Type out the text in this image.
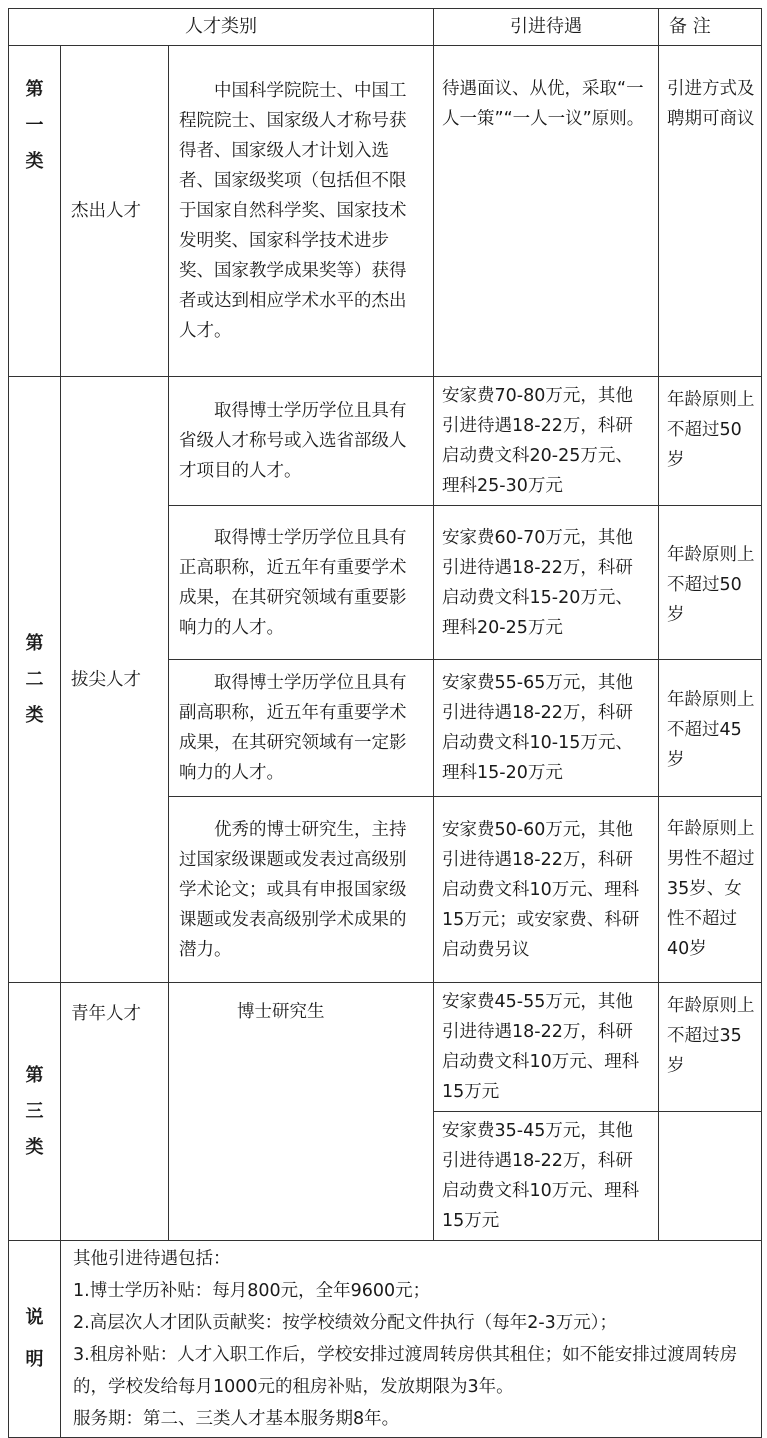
人才类别			引进待遇	备 注

第一类	杰出人才	中国科学院院士、中国工程院院士、国家级人才称号获得者、国家级人才计划入选者、国家级奖项（包括但不限于国家自然科学奖、国家技术发明奖、国家科学技术进步奖、国家教学成果奖等）获得者或达到相应学术水平的杰出人才。	待遇面议、从优，采取“一人一策”“一人一议”原则。	引进方式及聘期可商议

第二类	拔尖人才	取得博士学历学位且具有省级人才称号或入选省部级人才项目的人才。	安家费70-80万元，其他引进待遇18-22万，科研启动费文科20-25万元、理科25-30万元	年龄原则上不超过50岁
		取得博士学历学位且具有正高职称，近五年有重要学术成果，在其研究领域有重要影响力的人才。	安家费60-70万元，其他引进待遇18-22万，科研启动费文科15-20万元、理科20-25万元	年龄原则上不超过50岁
		取得博士学历学位且具有副高职称，近五年有重要学术成果，在其研究领域有一定影响力的人才。	安家费55-65万元，其他引进待遇18-22万，科研启动费文科10-15万元、理科15-20万元	年龄原则上不超过45岁
		优秀的博士研究生，主持过国家级课题或发表过高级别学术论文；或具有申报国家级课题或发表高级别学术成果的潜力。	安家费50-60万元，其他引进待遇18-22万，科研启动费文科10万元、理科15万元；或安家费、科研启动费另议	年龄原则上男性不超过35岁、女性不超过40岁

第三类	青年人才	博士研究生	安家费45-55万元，其他引进待遇18-22万，科研启动费文科10万元、理科15万元	年龄原则上不超过35岁
			安家费35-45万元，其他引进待遇18-22万，科研启动费文科10万元、理科15万元	

说明	其他引进待遇包括：
1.博士学历补贴：每月800元，全年9600元；
2.高层次人才团队贡献奖：按学校绩效分配文件执行（每年2-3万元）；
3.租房补贴：人才入职工作后，学校安排过渡周转房供其租住；如不能安排过渡周转房的，学校发给每月1000元的租房补贴，发放期限为3年。
服务期：第二、三类人才基本服务期8年。			
